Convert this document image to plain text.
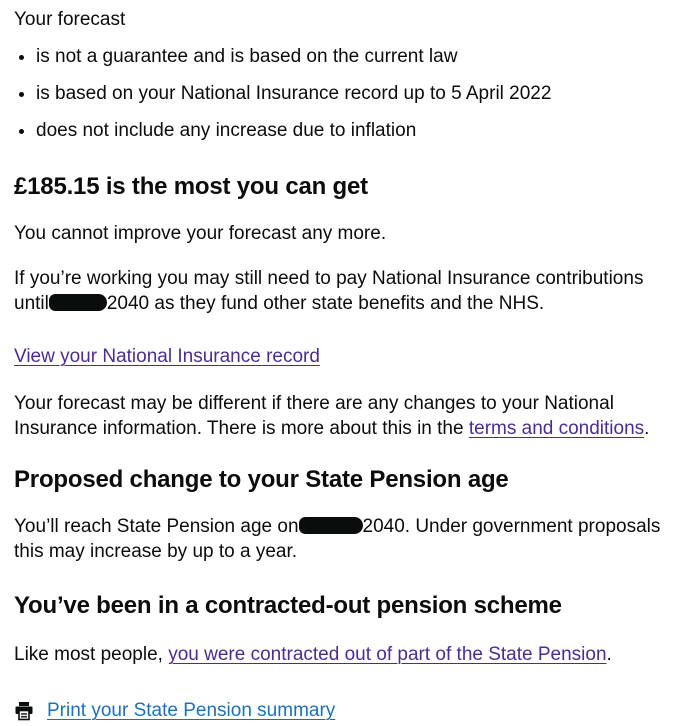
Your forecast

• is not a guarantee and is based on the current law
• is based on your National Insurance record up to 5 April 2022
• does not include any increase due to inflation
£185.15 is the most you can get

You cannot improve your forecast any more.

If you’re working you may still need to pay National Insurance contributions until	2040 as they fund other state benefits and the NHS.

View your National Insurance record

Your forecast may be different if there are any changes to your National Insurance information. There is more about this in the terms and conditions.

Proposed change to your State Pension age

You’ll reach State Pension age on	2040. Under government proposals this may increase by up to a year.

You’ve been in a contracted-out pension scheme

Like most people, you were contracted out of part of the State Pension.

Print your State Pension summary
